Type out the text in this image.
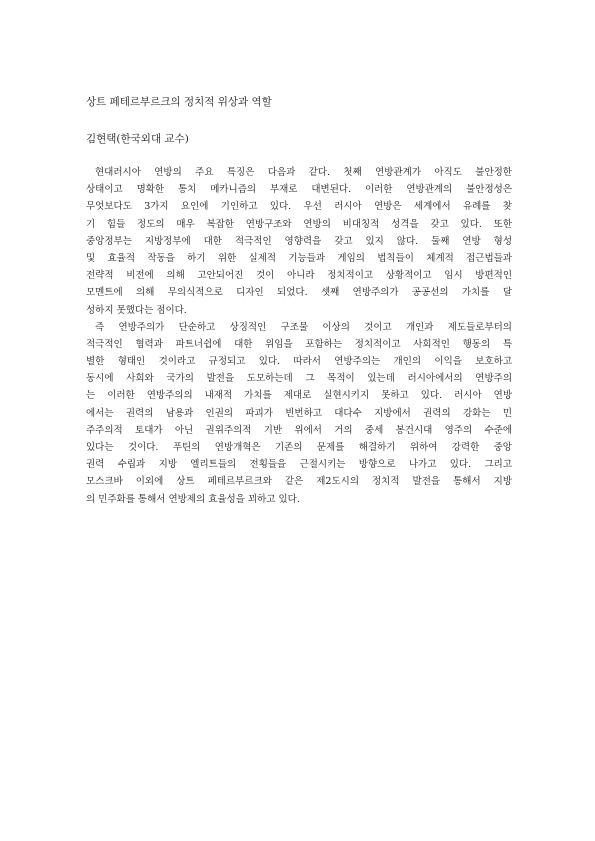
상트 페테르부르크의 정치적 위상과 역할
김현택(한국외대 교수)
현대러시아 연방의 주요 특징은 다음과 같다. 첫째 연방관계가 아직도 불안정한
상태이고 명확한 통치 메카니즘의 부재로 대변된다. 이러한 연방관계의 불안정성은
무엇보다도 3가지 요인에 기인하고 있다. 우선 러시아 연방은 세계에서 유례를 찾
기 힘들 정도의 매우 복잡한 연방구조와 연방의 비대칭적 성격을 갖고 있다. 또한
중앙정부는 지방정부에 대한 적극적인 영향력을 갖고 있지 않다. 둘째 연방 형성
및 효율적 작동을 하기 위한 실제적 기능들과 게임의 법칙들이 체계적 접근법들과
전략적 비전에 의해 고안되어진 것이 아니라 정치적이고 상황적이고 임시 방편적인
모멘트에 의해 무의식적으로 디자인 되었다. 셋째 연방주의가 공공선의 가치를 달
성하지 못했다는 점이다.
즉 연방주의가 단순하고 상징적인 구조물 이상의 것이고 개인과 제도들로부터의
적극적인 협력과 파트너쉽에 대한 위임을 포함하는 정치적이고 사회적인 행동의 특
별한 형태인 것이라고 규정되고 있다. 따라서 연방주의는 개인의 이익을 보호하고
동시에 사회와 국가의 발전을 도모하는데 그 목적이 있는데 러시아에서의 연방주의
는 이러한 연방주의의 내재적 가치를 제대로 실현시키지 못하고 있다. 러시아 연방
에서는 권력의 남용과 인권의 파괴가 빈번하고 대다수 지방에서 권력의 강화는 민
주주의적 토대가 아닌 권위주의적 기반 위에서 거의 중세 봉건시대 영주의 수준에
있다는 것이다. 푸틴의 연방개혁은 기존의 문제를 해결하기 위하여 강력한 중앙
권력 수립과 지방 엘리트들의 전횡들을 근절시키는 방향으로 나가고 있다. 그리고
모스크바 이외에 상트 페테르부르크와 같은 제2도시의 정치적 발전을 통해서 지방
의 민주화를 통해서 연방제의 효율성을 꾀하고 있다.
